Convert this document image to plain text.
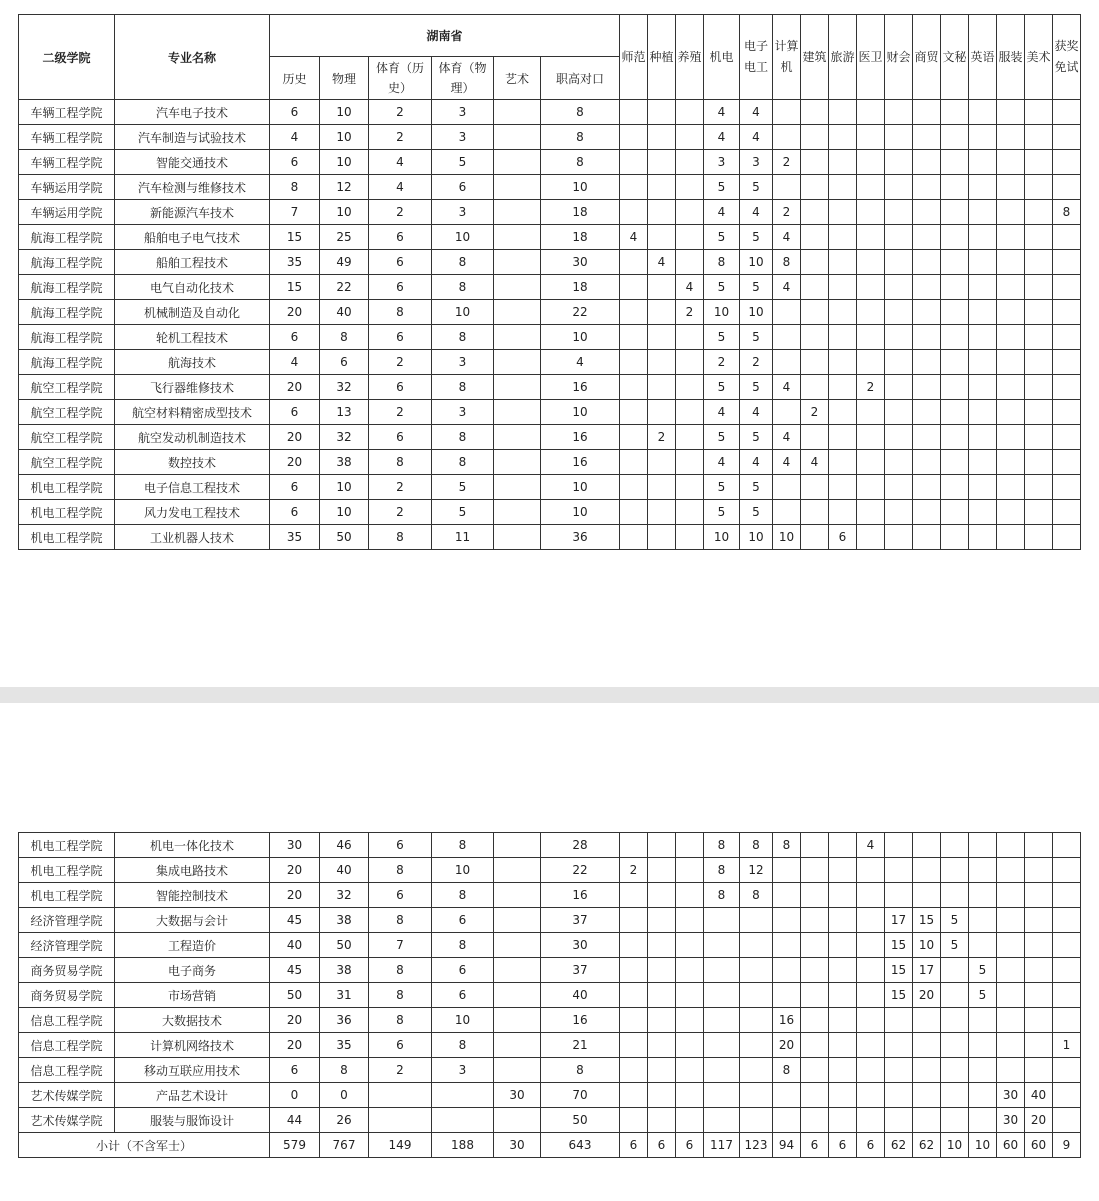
二级学院	专业名称	湖南省						师范	种植	养殖	机电	电子电工	计算机	建筑	旅游	医卫	财会	商贸	文秘	英语	服装	美术	获奖免试
		历史	物理	体育（历史）	体育（物理）	艺术	职高对口																
车辆工程学院	汽车电子技术	6	10	2	3		8				4	4											
车辆工程学院	汽车制造与试验技术	4	10	2	3		8				4	4											
车辆工程学院	智能交通技术	6	10	4	5		8				3	3	2										
车辆运用学院	汽车检测与维修技术	8	12	4	6		10				5	5											
车辆运用学院	新能源汽车技术	7	10	2	3		18				4	4	2										8
航海工程学院	船舶电子电气技术	15	25	6	10		18	4			5	5	4										
航海工程学院	船舶工程技术	35	49	6	8		30		4		8	10	8										
航海工程学院	电气自动化技术	15	22	6	8		18			4	5	5	4										
航海工程学院	机械制造及自动化	20	40	8	10		22			2	10	10											
航海工程学院	轮机工程技术	6	8	6	8		10				5	5											
航海工程学院	航海技术	4	6	2	3		4				2	2											
航空工程学院	飞行器维修技术	20	32	6	8		16				5	5	4			2							
航空工程学院	航空材料精密成型技术	6	13	2	3		10				4	4		2									
航空工程学院	航空发动机制造技术	20	32	6	8		16		2		5	5	4										
航空工程学院	数控技术	20	38	8	8		16				4	4	4	4									
机电工程学院	电子信息工程技术	6	10	2	5		10				5	5											
机电工程学院	风力发电工程技术	6	10	2	5		10				5	5											
机电工程学院	工业机器人技术	35	50	8	11		36				10	10	10		6								
机电工程学院	机电一体化技术	30	46	6	8		28				8	8	8			4							
机电工程学院	集成电路技术	20	40	8	10		22	2			8	12											
机电工程学院	智能控制技术	20	32	6	8		16				8	8											
经济管理学院	大数据与会计	45	38	8	6		37										17	15	5				
经济管理学院	工程造价	40	50	7	8		30										15	10	5				
商务贸易学院	电子商务	45	38	8	6		37										15	17		5			
商务贸易学院	市场营销	50	31	8	6		40										15	20		5			
信息工程学院	大数据技术	20	36	8	10		16						16										
信息工程学院	计算机网络技术	20	35	6	8		21						20										1
信息工程学院	移动互联应用技术	6	8	2	3		8						8										
艺术传媒学院	产品艺术设计	0	0			30	70														30	40	
艺术传媒学院	服装与服饰设计	44	26				50														30	20	
小计（不含军士）		579	767	149	188	30	643	6	6	6	117	123	94	6	6	6	62	62	10	10	60	60	9
